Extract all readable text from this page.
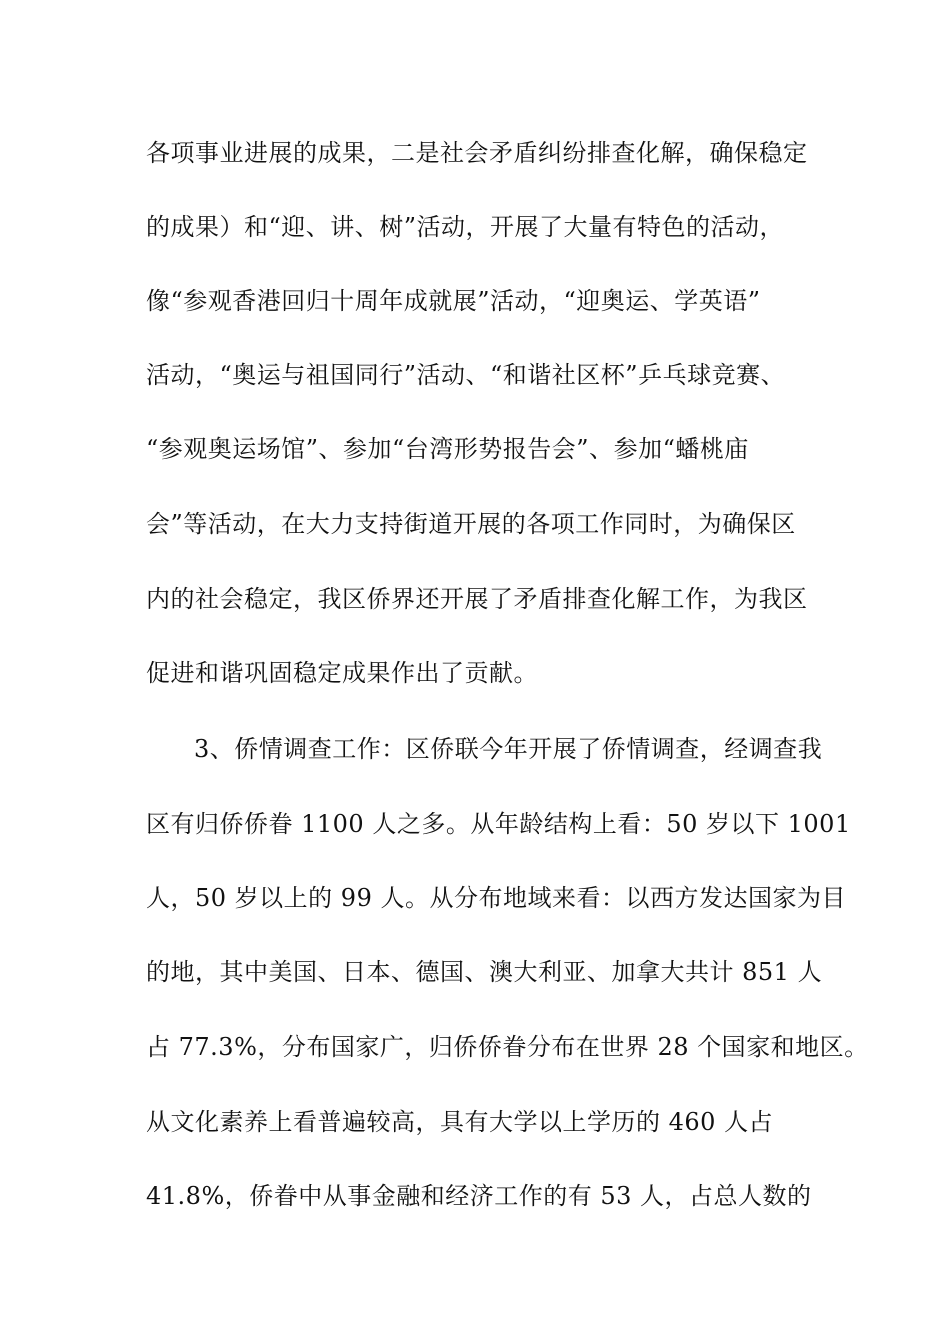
各项事业进展的成果，二是社会矛盾纠纷排查化解，确保稳定
的成果）和“迎、讲、树”活动，开展了大量有特色的活动，
像“参观香港回归十周年成就展”活动，“迎奥运、学英语”
活动，“奥运与祖国同行”活动、“和谐社区杯”乒乓球竞赛、
“参观奥运场馆”、参加“台湾形势报告会”、参加“蟠桃庙
会”等活动，在大力支持街道开展的各项工作同时，为确保区
内的社会稳定，我区侨界还开展了矛盾排查化解工作，为我区
促进和谐巩固稳定成果作出了贡献。
3、侨情调查工作：区侨联今年开展了侨情调查，经调查我
区有归侨侨眷 1100 人之多。从年龄结构上看：50 岁以下 1001
人，50 岁以上的 99 人。从分布地域来看：以西方发达国家为目
的地，其中美国、日本、德国、澳大利亚、加拿大共计 851 人
占 77.3%，分布国家广，归侨侨眷分布在世界 28 个国家和地区。
从文化素养上看普遍较高，具有大学以上学历的 460 人占
41.8%，侨眷中从事金融和经济工作的有 53 人，占总人数的
